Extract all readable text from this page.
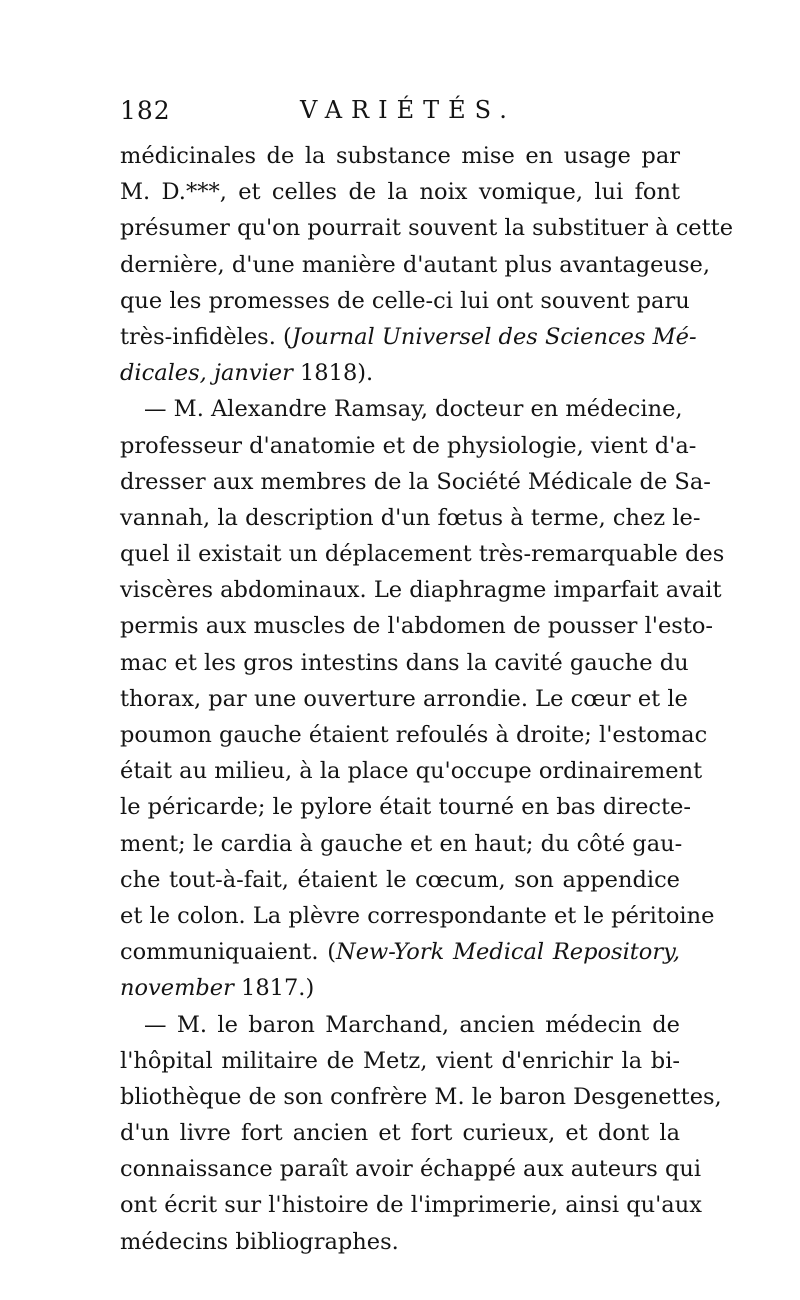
182	VARIÉTÉS.
médicinales de la substance mise en usage par
M. D.***, et celles de la noix vomique, lui font
présumer qu'on pourrait souvent la substituer à cette
dernière, d'une manière d'autant plus avantageuse,
que les promesses de celle-ci lui ont souvent paru
très-infidèles. (Journal Universel des Sciences Mé-
dicales, janvier 1818).
— M. Alexandre Ramsay, docteur en médecine,
professeur d'anatomie et de physiologie, vient d'a-
dresser aux membres de la Société Médicale de Sa-
vannah, la description d'un fœtus à terme, chez le-
quel il existait un déplacement très-remarquable des
viscères abdominaux. Le diaphragme imparfait avait
permis aux muscles de l'abdomen de pousser l'esto-
mac et les gros intestins dans la cavité gauche du
thorax, par une ouverture arrondie. Le cœur et le
poumon gauche étaient refoulés à droite; l'estomac
était au milieu, à la place qu'occupe ordinairement
le péricarde; le pylore était tourné en bas directe-
ment; le cardia à gauche et en haut; du côté gau-
che tout-à-fait, étaient le cœcum, son appendice
et le colon. La plèvre correspondante et le péritoine
communiquaient. (New-York Medical Repository,
november 1817.)
— M. le baron Marchand, ancien médecin de
l'hôpital militaire de Metz, vient d'enrichir la bi-
bliothèque de son confrère M. le baron Desgenettes,
d'un livre fort ancien et fort curieux, et dont la
connaissance paraît avoir échappé aux auteurs qui
ont écrit sur l'histoire de l'imprimerie, ainsi qu'aux
médecins bibliographes.
